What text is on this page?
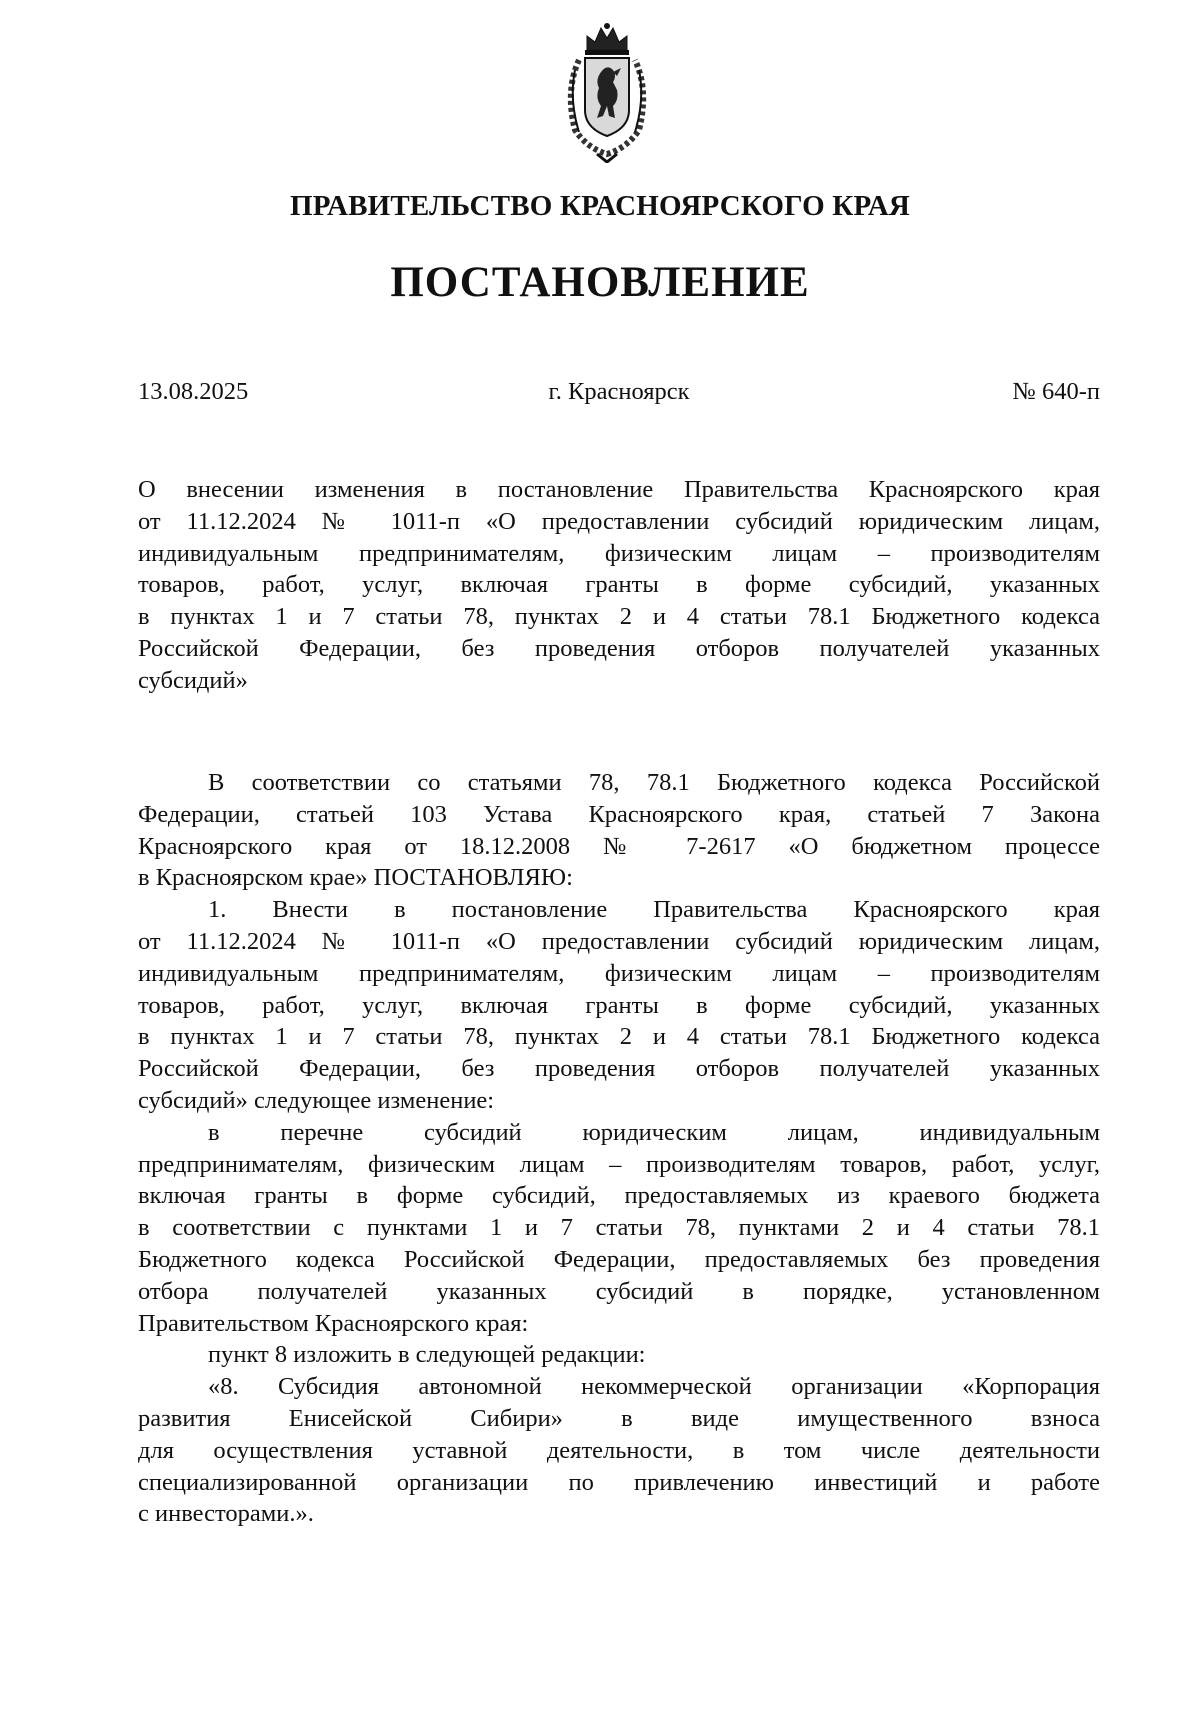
ПРАВИТЕЛЬСТВО КРАСНОЯРСКОГО КРАЯ
ПОСТАНОВЛЕНИЕ
13.08.2025	г. Красноярск	№ 640-п

О внесении изменения в постановление Правительства Красноярского края

от 11.12.2024 № 1011-п «О предоставлении субсидий юридическим лицам,

индивидуальным предпринимателям, физическим лицам – производителям

товаров, работ, услуг, включая гранты в форме субсидий, указанных

в пунктах 1 и 7 статьи 78, пунктах 2 и 4 статьи 78.1 Бюджетного кодекса

Российской Федерации, без проведения отборов получателей указанных

субсидий»

В соответствии со статьями 78, 78.1 Бюджетного кодекса Российской

Федерации, статьей 103 Устава Красноярского края, статьей 7 Закона

Красноярского края от 18.12.2008 № 7-2617 «О бюджетном процессе

в Красноярском крае» ПОСТАНОВЛЯЮ:

1. Внести в постановление Правительства Красноярского края

от 11.12.2024 № 1011-п «О предоставлении субсидий юридическим лицам,

индивидуальным предпринимателям, физическим лицам – производителям

товаров, работ, услуг, включая гранты в форме субсидий, указанных

в пунктах 1 и 7 статьи 78, пунктах 2 и 4 статьи 78.1 Бюджетного кодекса

Российской Федерации, без проведения отборов получателей указанных

субсидий» следующее изменение:

в перечне субсидий юридическим лицам, индивидуальным

предпринимателям, физическим лицам – производителям товаров, работ, услуг,

включая гранты в форме субсидий, предоставляемых из краевого бюджета

в соответствии с пунктами 1 и 7 статьи 78, пунктами 2 и 4 статьи 78.1

Бюджетного кодекса Российской Федерации, предоставляемых без проведения

отбора получателей указанных субсидий в порядке, установленном

Правительством Красноярского края:

пункт 8 изложить в следующей редакции:

«8. Субсидия автономной некоммерческой организации «Корпорация

развития Енисейской Сибири» в виде имущественного взноса

для осуществления уставной деятельности, в том числе деятельности

специализированной организации по привлечению инвестиций и работе

с инвесторами.».
